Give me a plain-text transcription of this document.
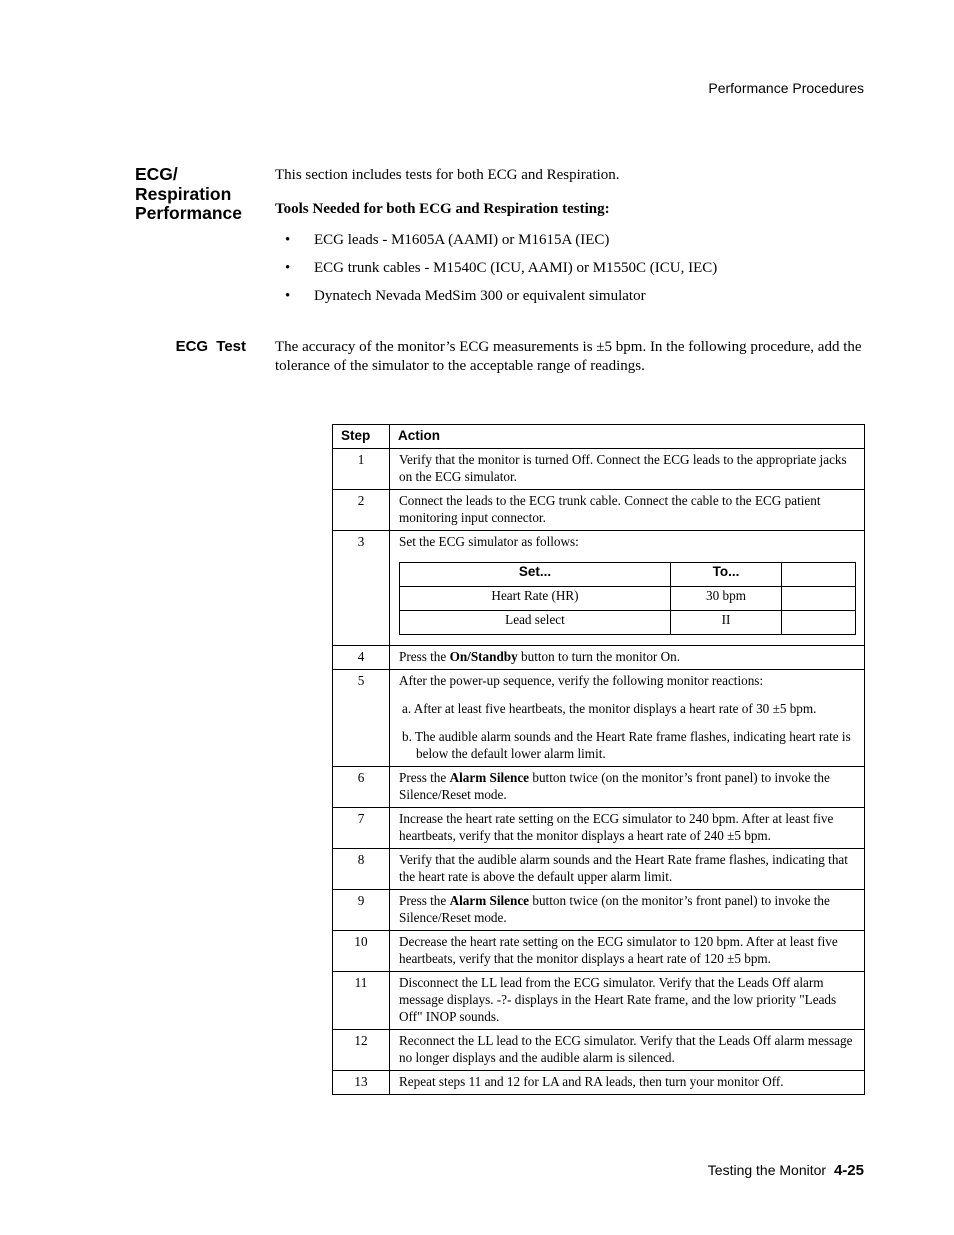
Performance Procedures
ECG/
Respiration
Performance
This section includes tests for both ECG and Respiration.
Tools Needed for both ECG and Respiration testing:
• ECG leads - M1605A (AAMI) or M1615A (IEC)
• ECG trunk cables - M1540C (ICU, AAMI) or M1550C (ICU, IEC)
• Dynatech Nevada MedSim 300 or equivalent simulator
ECG Test The accuracy of the monitor’s ECG measurements is ±5 bpm. In the following procedure, add the tolerance of the simulator to the acceptable range of readings.
Step	Action
1	Verify that the monitor is turned Off. Connect the ECG leads to the appropriate jacks on the ECG simulator.
2	Connect the leads to the ECG trunk cable. Connect the cable to the ECG patient monitoring input connector.
3	Set the ECG simulator as follows:
Set...	To...	
Heart Rate (HR)	30 bpm	
Lead select	II	

4	Press the On/Standby button to turn the monitor On.
5	After the power-up sequence, verify the following monitor reactions:
a. After at least five heartbeats, the monitor displays a heart rate of 30 ±5 bpm.
b. The audible alarm sounds and the Heart Rate frame flashes, indicating heart rate is below the default lower alarm limit.

6	Press the Alarm Silence button twice (on the monitor’s front panel) to invoke the Silence/Reset mode.
7	Increase the heart rate setting on the ECG simulator to 240 bpm. After at least five heartbeats, verify that the monitor displays a heart rate of 240 ±5 bpm.
8	Verify that the audible alarm sounds and the Heart Rate frame flashes, indicating that the heart rate is above the default upper alarm limit.
9	Press the Alarm Silence button twice (on the monitor’s front panel) to invoke the Silence/Reset mode.
10	Decrease the heart rate setting on the ECG simulator to 120 bpm. After at least five heartbeats, verify that the monitor displays a heart rate of 120 ±5 bpm.
11	Disconnect the LL lead from the ECG simulator. Verify that the Leads Off alarm message displays. -?- displays in the Heart Rate frame, and the low priority "Leads Off" INOP sounds.
12	Reconnect the LL lead to the ECG simulator. Verify that the Leads Off alarm message no longer displays and the audible alarm is silenced.
13	Repeat steps 11 and 12 for LA and RA leads, then turn your monitor Off.
Testing the Monitor 4-25
